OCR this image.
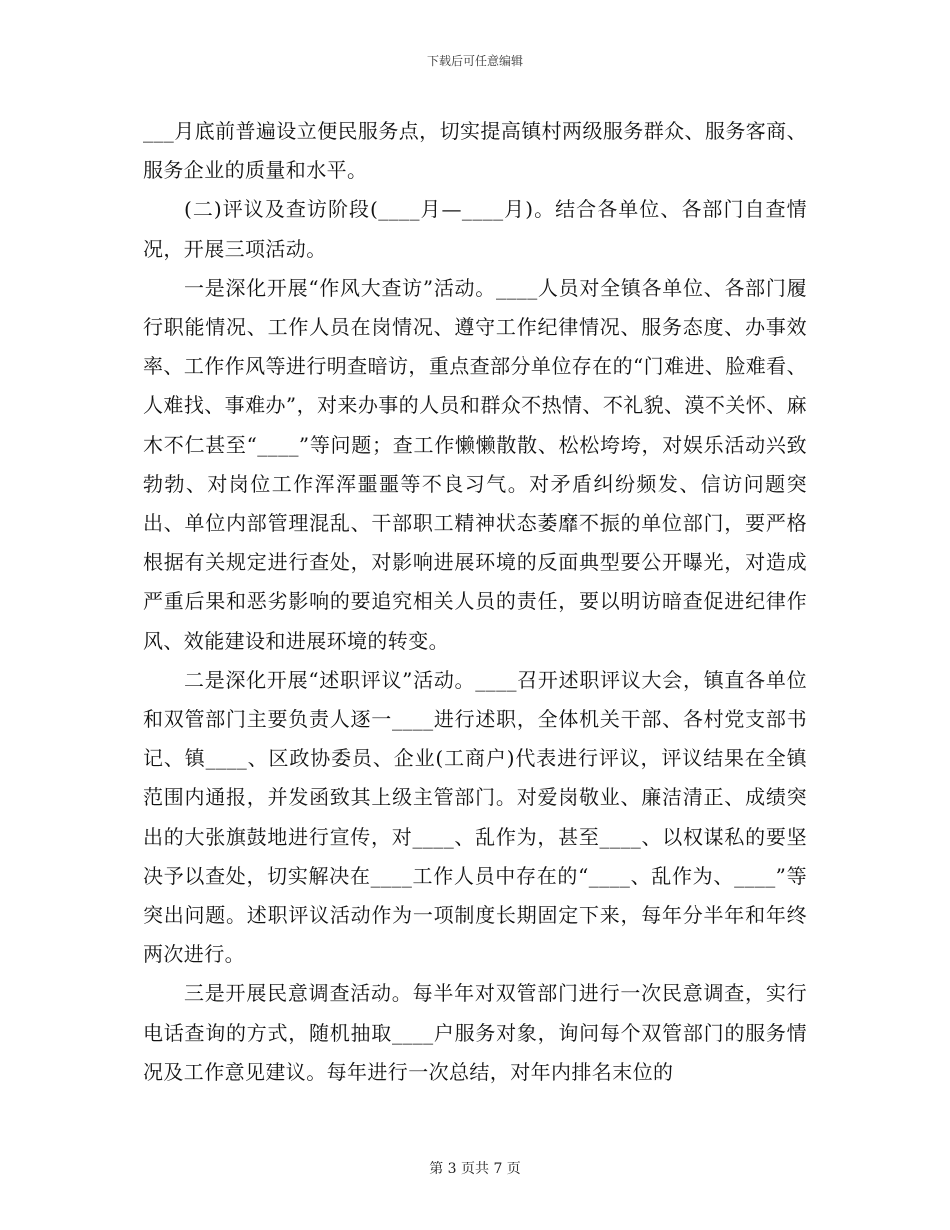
下载后可任意编辑

___月底前普遍设立便民服务点，切实提高镇村两级服务群众、服务客商、服务企业的质量和水平。

(二)评议及查访阶段(____月—____月)。结合各单位、各部门自查情况，开展三项活动。

一是深化开展“作风大查访”活动。____人员对全镇各单位、各部门履行职能情况、工作人员在岗情况、遵守工作纪律情况、服务态度、办事效率、工作作风等进行明查暗访，重点查部分单位存在的“门难进、脸难看、人难找、事难办”，对来办事的人员和群众不热情、不礼貌、漠不关怀、麻木不仁甚至“____”等问题；查工作懒懒散散、松松垮垮，对娱乐活动兴致勃勃、对岗位工作浑浑噩噩等不良习气。对矛盾纠纷频发、信访问题突出、单位内部管理混乱、干部职工精神状态萎靡不振的单位部门，要严格根据有关规定进行查处，对影响进展环境的反面典型要公开曝光，对造成严重后果和恶劣影响的要追究相关人员的责任，要以明访暗查促进纪律作风、效能建设和进展环境的转变。

二是深化开展“述职评议”活动。____召开述职评议大会，镇直各单位和双管部门主要负责人逐一____进行述职，全体机关干部、各村党支部书记、镇____、区政协委员、企业(工商户)代表进行评议，评议结果在全镇范围内通报，并发函致其上级主管部门。对爱岗敬业、廉洁清正、成绩突出的大张旗鼓地进行宣传，对____、乱作为，甚至____、以权谋私的要坚决予以查处，切实解决在____工作人员中存在的“____、乱作为、____”等突出问题。述职评议活动作为一项制度长期固定下来，每年分半年和年终两次进行。

三是开展民意调查活动。每半年对双管部门进行一次民意调查，实行电话查询的方式，随机抽取____户服务对象，询问每个双管部门的服务情况及工作意见建议。每年进行一次总结，对年内排名末位的

第 3 页共 7 页
